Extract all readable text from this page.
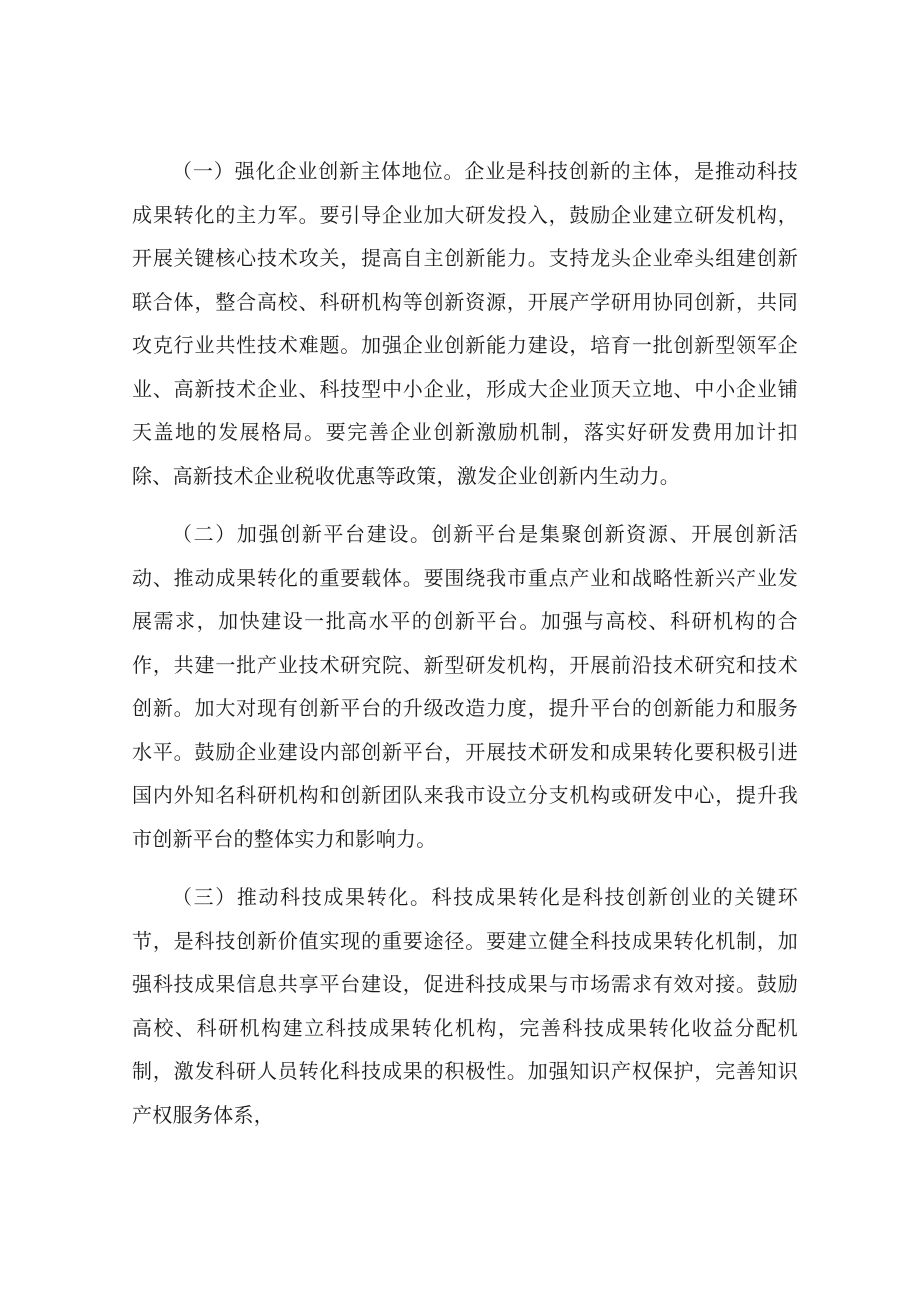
（一）强化企业创新主体地位。企业是科技创新的主体，是推动科技成果转化的主力军。要引导企业加大研发投入，鼓励企业建立研发机构，开展关键核心技术攻关，提高自主创新能力。支持龙头企业牵头组建创新联合体，整合高校、科研机构等创新资源，开展产学研用协同创新，共同攻克行业共性技术难题。加强企业创新能力建设，培育一批创新型领军企业、高新技术企业、科技型中小企业，形成大企业顶天立地、中小企业铺天盖地的发展格局。要完善企业创新激励机制，落实好研发费用加计扣除、高新技术企业税收优惠等政策，激发企业创新内生动力。

（二）加强创新平台建设。创新平台是集聚创新资源、开展创新活动、推动成果转化的重要载体。要围绕我市重点产业和战略性新兴产业发展需求，加快建设一批高水平的创新平台。加强与高校、科研机构的合作，共建一批产业技术研究院、新型研发机构，开展前沿技术研究和技术创新。加大对现有创新平台的升级改造力度，提升平台的创新能力和服务水平。鼓励企业建设内部创新平台，开展技术研发和成果转化要积极引进国内外知名科研机构和创新团队来我市设立分支机构或研发中心，提升我市创新平台的整体实力和影响力。

（三）推动科技成果转化。科技成果转化是科技创新创业的关键环节，是科技创新价值实现的重要途径。要建立健全科技成果转化机制，加强科技成果信息共享平台建设，促进科技成果与市场需求有效对接。鼓励高校、科研机构建立科技成果转化机构，完善科技成果转化收益分配机制，激发科研人员转化科技成果的积极性。加强知识产权保护，完善知识产权服务体系，
